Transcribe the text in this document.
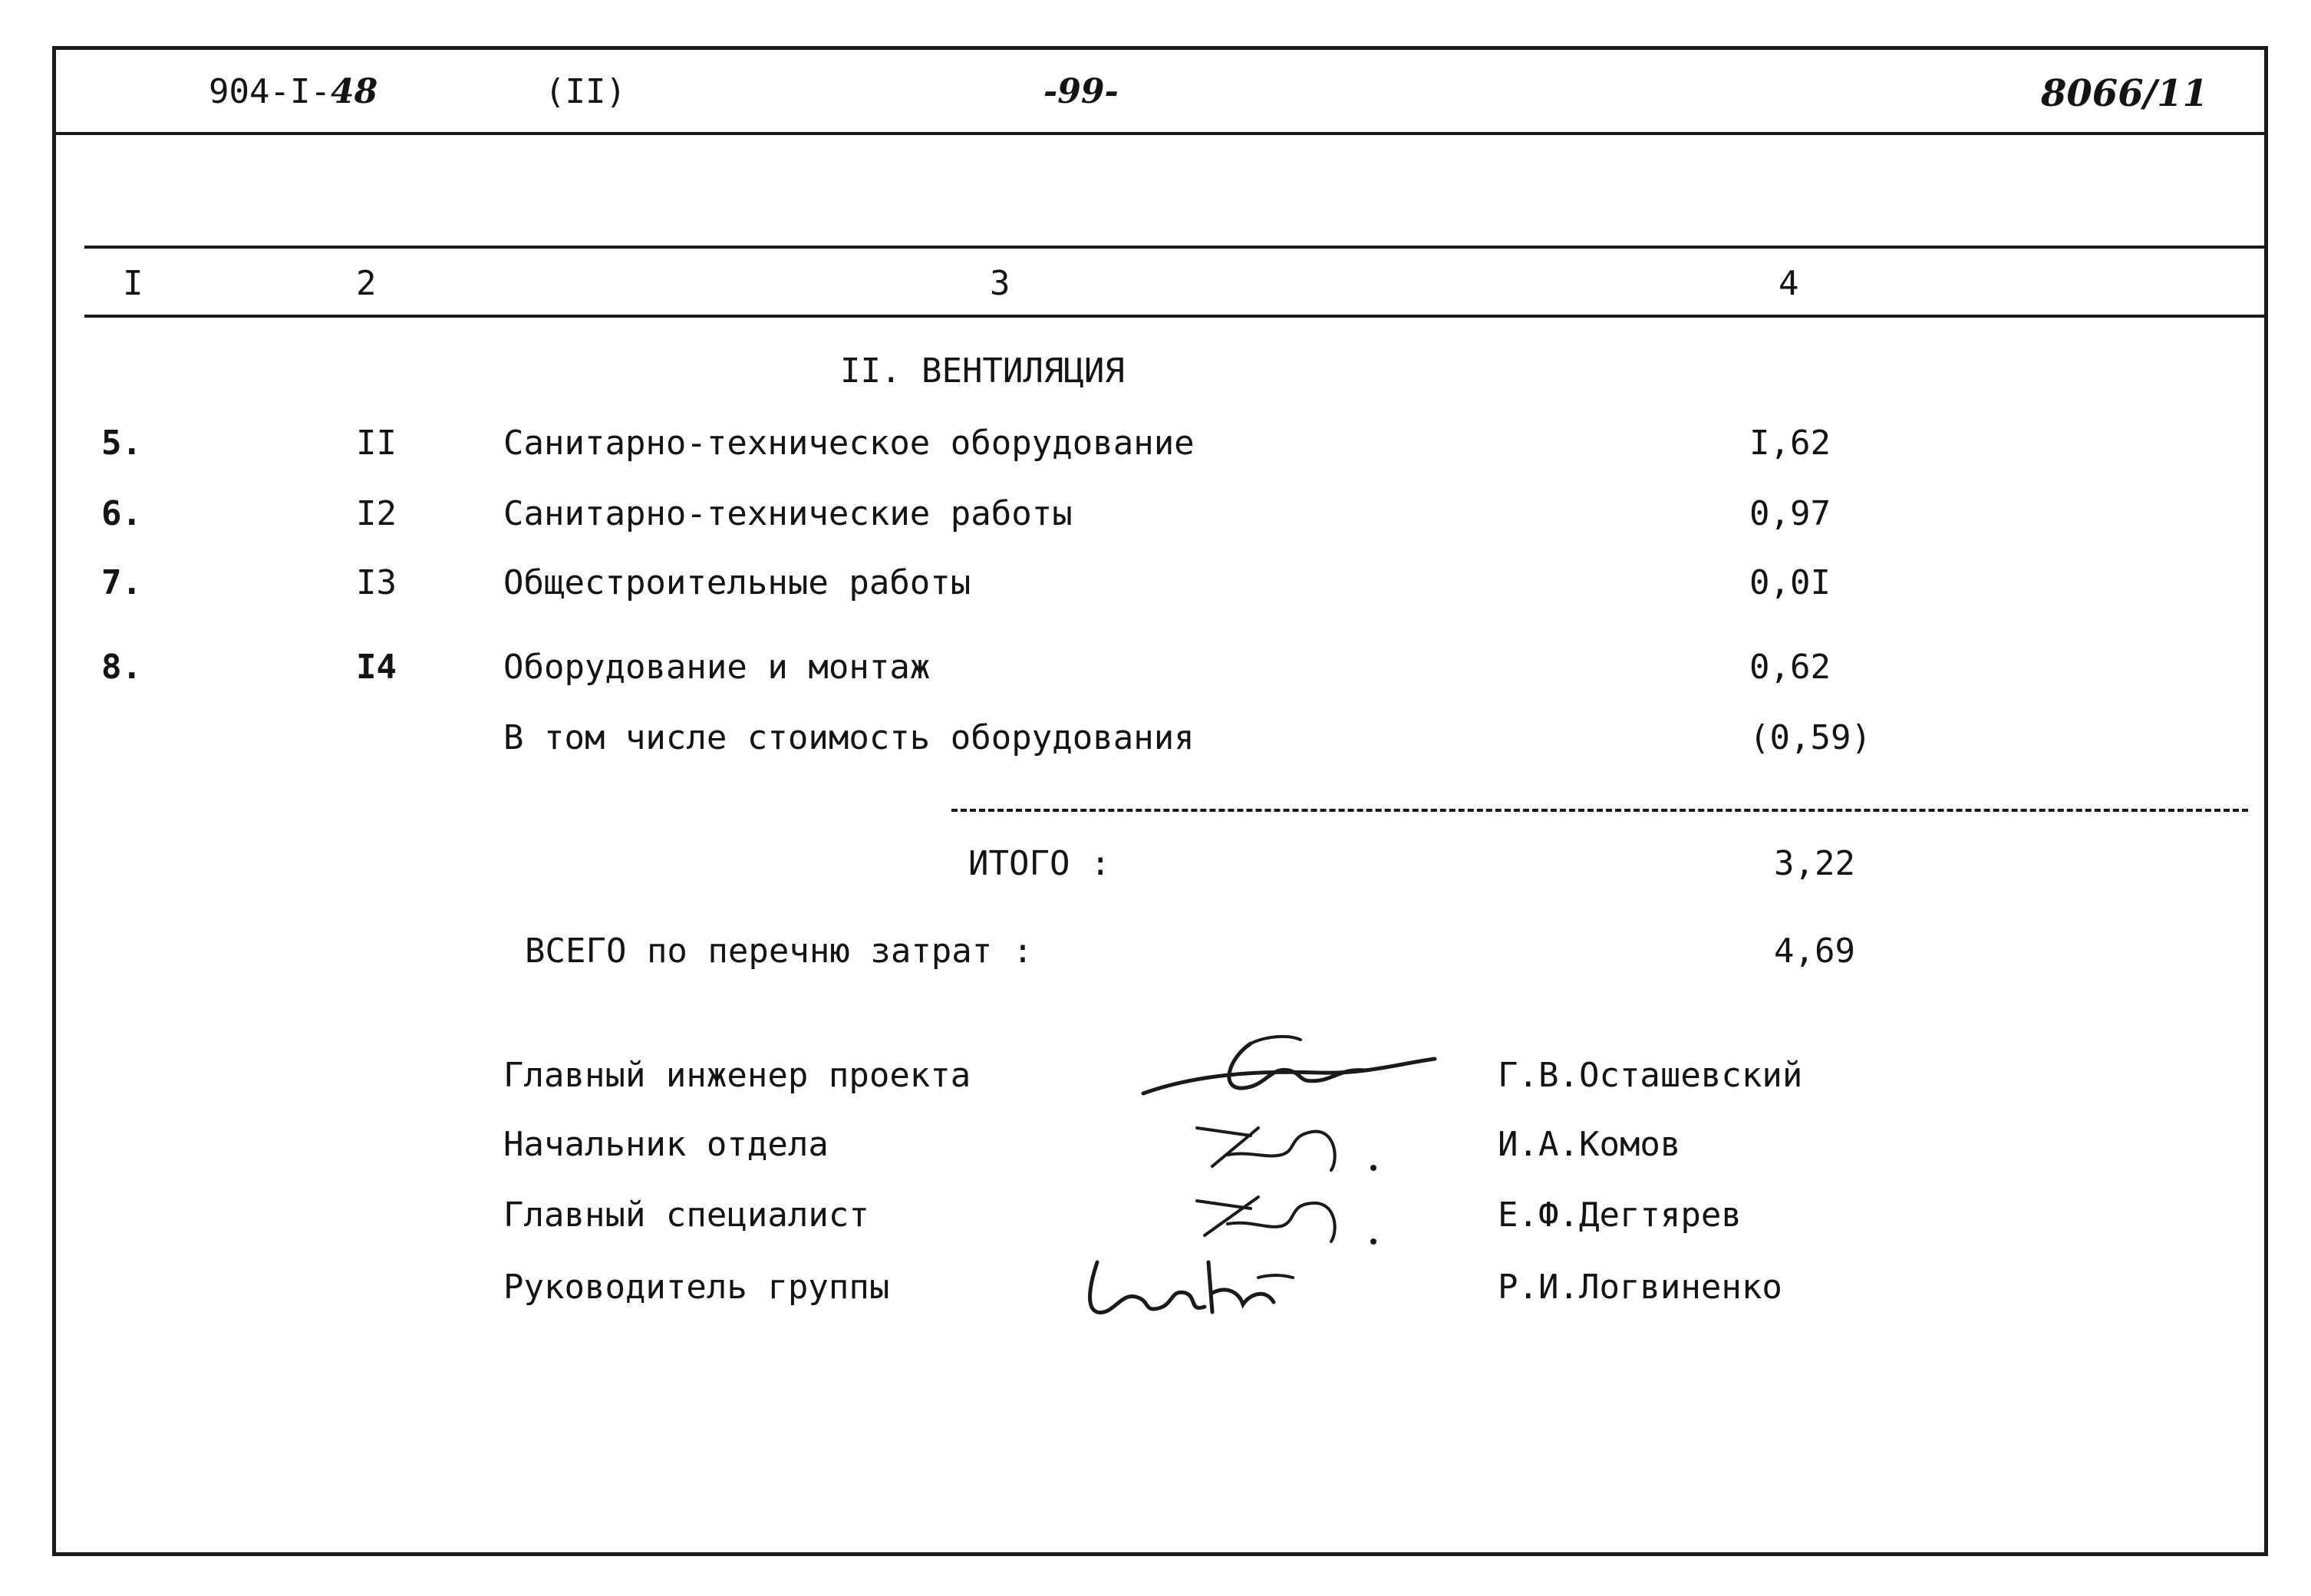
904-I-48	(II)	-99-	8066/11
I	2	3	4
II. ВЕНТИЛЯЦИЯ
5.	II	Санитарно-техническое оборудование	I,62
6.	I2	Санитарно-технические работы	0,97
7.	I3	Общестроительные работы	0,0I
8.	I4	Оборудование и монтаж	0,62
В том числе стоимость оборудования	(0,59)
ИТОГО :	3,22
ВСЕГО по перечню затрат :	4,69
Главный инженер проекта	Г.В.Осташевский
Начальник отдела	И.А.Комов
Главный специалист	Е.Ф.Дегтярев
Руководитель группы	Р.И.Логвиненко
